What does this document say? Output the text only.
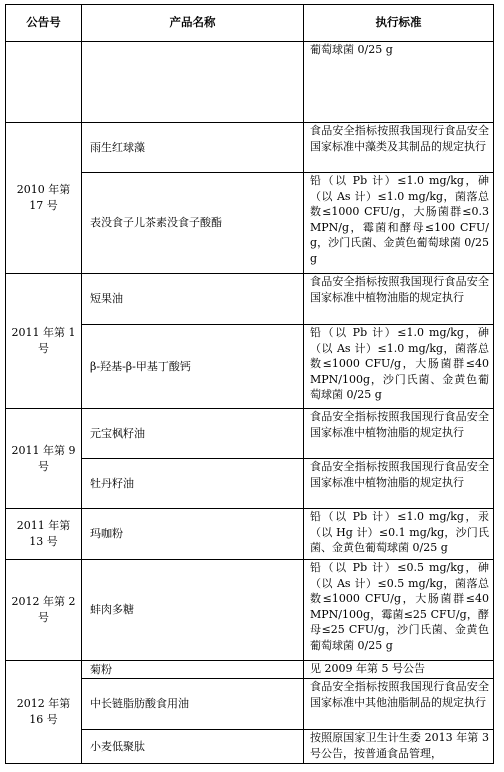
公告号	产品名称	执行标准
		葡萄球菌 0/25 g
2010 年第 17 号	雨生红球藻	食品安全指标按照我国现行食品安全国家标准中藻类及其制品的规定执行
	表没食子儿茶素没食子酸酯	铅（以 Pb 计）≤1.0 mg/kg，砷（以 As 计）≤1.0 mg/kg，菌落总数≤1000 CFU/g，大肠菌群≤0.3 MPN/g，霉菌和酵母≤100 CFU/g，沙门氏菌、金黄色葡萄球菌 0/25 g
2011 年第 1 号	短果油	食品安全指标按照我国现行食品安全国家标准中植物油脂的规定执行
	β-羟基-β-甲基丁酸钙	铅（以 Pb 计）≤1.0 mg/kg，砷（以 As 计）≤1.0 mg/kg，菌落总数≤1000 CFU/g，大肠菌群≤40 MPN/100g，沙门氏菌、金黄色葡萄球菌 0/25 g
2011 年第 9 号	元宝枫籽油	食品安全指标按照我国现行食品安全国家标准中植物油脂的规定执行
	牡丹籽油	食品安全指标按照我国现行食品安全国家标准中植物油脂的规定执行
2011 年第 13 号	玛咖粉	铅（以 Pb 计）≤1.0 mg/kg，汞（以 Hg 计）≤0.1 mg/kg，沙门氏菌、金黄色葡萄球菌 0/25 g
2012 年第 2 号	蚌肉多糖	铅（以 Pb 计）≤0.5 mg/kg，砷（以 As 计）≤0.5 mg/kg，菌落总数≤1000 CFU/g，大肠菌群≤40 MPN/100g，霉菌≤25 CFU/g，酵母≤25 CFU/g，沙门氏菌、金黄色葡萄球菌 0/25 g
2012 年第 16 号	菊粉	见 2009 年第 5 号公告
	中长链脂肪酸食用油	食品安全指标按照我国现行食品安全国家标准中其他油脂制品的规定执行
	小麦低聚肽	按照原国家卫生计生委 2013 年第 3 号公告，按普通食品管理，
